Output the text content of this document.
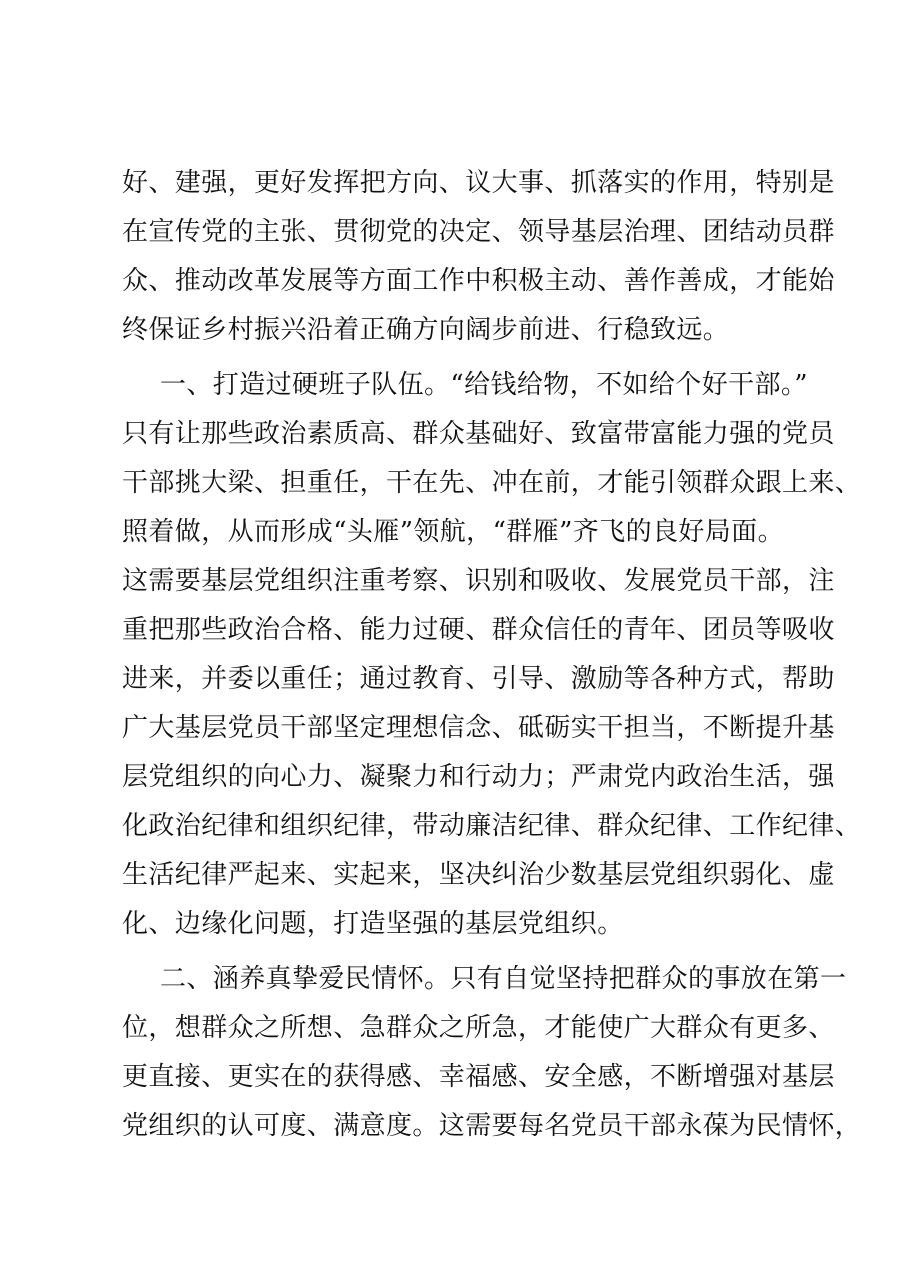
好、建强，更好发挥把方向、议大事、抓落实的作用，特别是
在宣传党的主张、贯彻党的决定、领导基层治理、团结动员群
众、推动改革发展等方面工作中积极主动、善作善成，才能始
终保证乡村振兴沿着正确方向阔步前进、行稳致远。
一、打造过硬班子队伍。“给钱给物，不如给个好干部。”
只有让那些政治素质高、群众基础好、致富带富能力强的党员
干部挑大梁、担重任，干在先、冲在前，才能引领群众跟上来、
照着做，从而形成“头雁”领航，“群雁”齐飞的良好局面。
这需要基层党组织注重考察、识别和吸收、发展党员干部，注
重把那些政治合格、能力过硬、群众信任的青年、团员等吸收
进来，并委以重任；通过教育、引导、激励等各种方式，帮助
广大基层党员干部坚定理想信念、砥砺实干担当，不断提升基
层党组织的向心力、凝聚力和行动力；严肃党内政治生活，强
化政治纪律和组织纪律，带动廉洁纪律、群众纪律、工作纪律、
生活纪律严起来、实起来，坚决纠治少数基层党组织弱化、虚
化、边缘化问题，打造坚强的基层党组织。
二、涵养真挚爱民情怀。只有自觉坚持把群众的事放在第一
位，想群众之所想、急群众之所急，才能使广大群众有更多、
更直接、更实在的获得感、幸福感、安全感，不断增强对基层
党组织的认可度、满意度。这需要每名党员干部永葆为民情怀，
